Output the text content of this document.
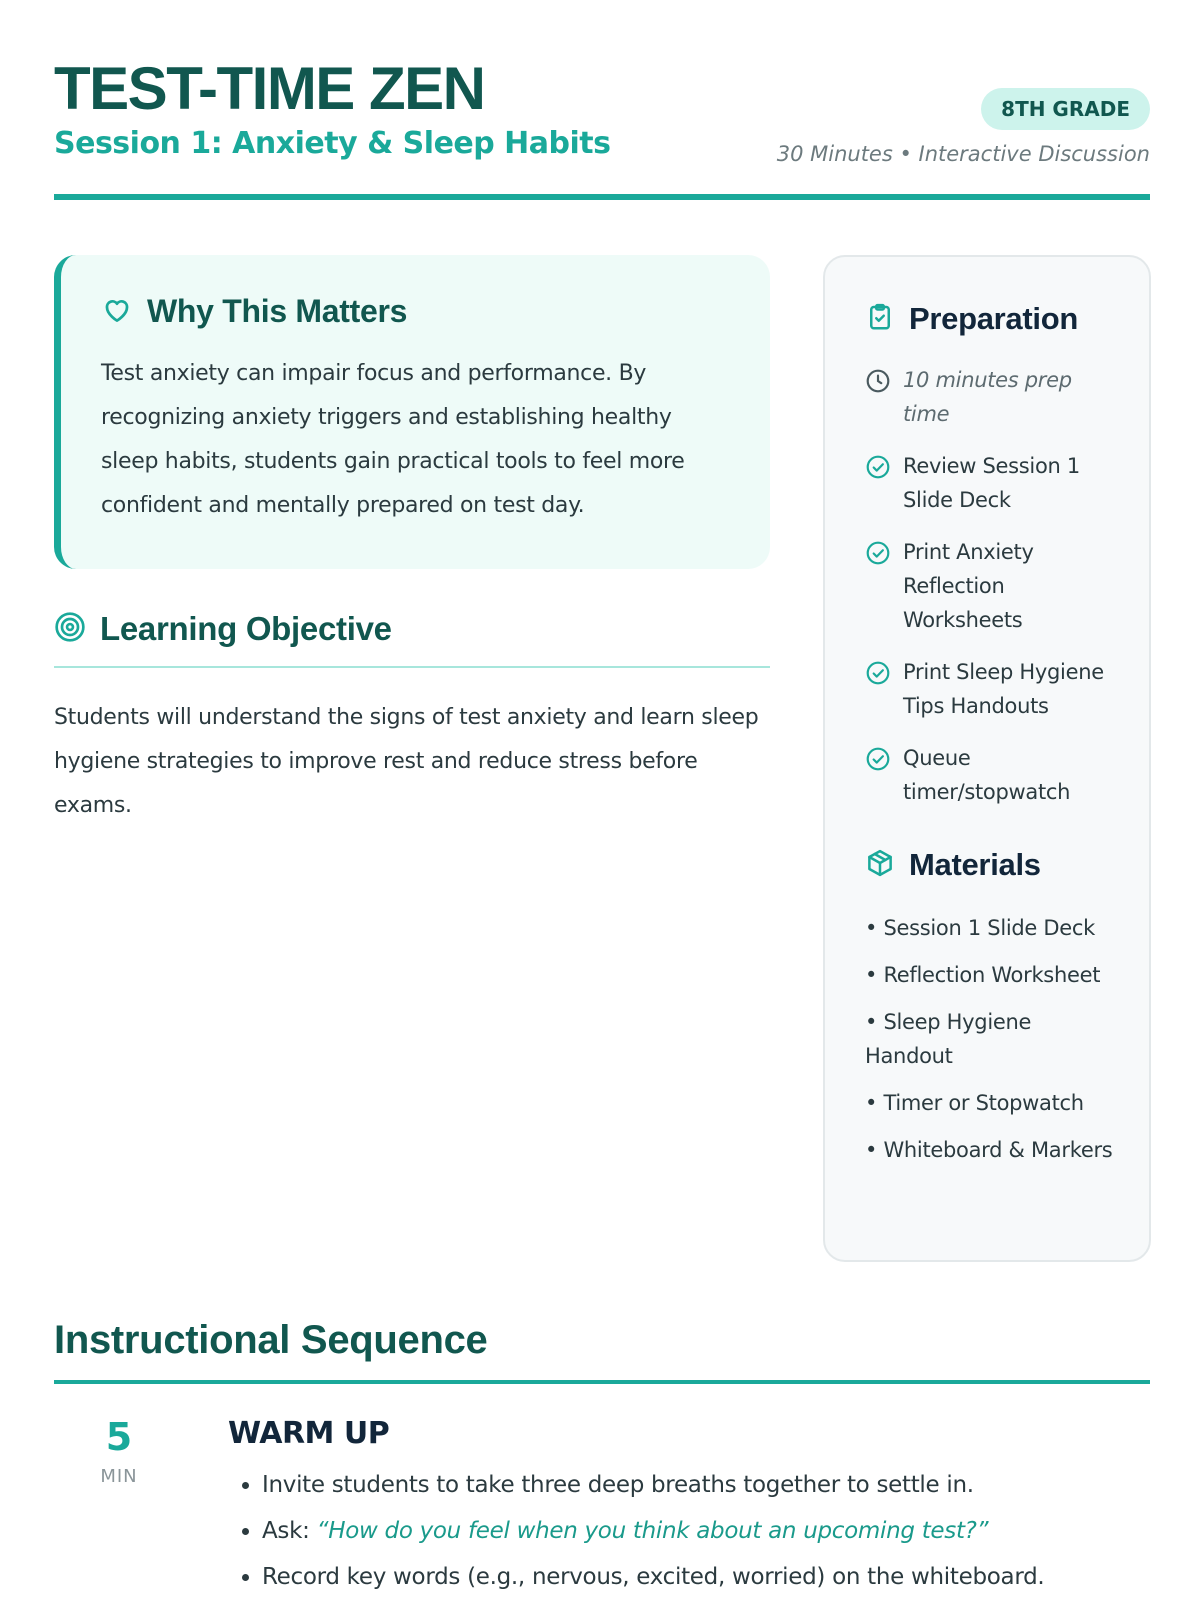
TEST-TIME ZEN
Session 1: Anxiety & Sleep Habits
8TH GRADE
30 Minutes • Interactive Discussion
Why This Matters

Test anxiety can impair focus and performance. By recognizing anxiety triggers and establishing healthy sleep habits, students gain practical tools to feel more confident and mentally prepared on test day.

Learning Objective

Students will understand the signs of test anxiety and learn sleep hygiene strategies to improve rest and reduce stress before exams.

Preparation
10 minutes prep time
Review Session 1 Slide Deck
Print Anxiety Reflection Worksheets
Print Sleep Hygiene Tips Handouts
Queue timer/stopwatch
Materials
• Session 1 Slide Deck
• Reflection Worksheet
• Sleep Hygiene Handout
• Timer or Stopwatch
• Whiteboard & Markers
Instructional Sequence
5
MIN
WARM UP
• Invite students to take three deep breaths together to settle in.
• Ask: “How do you feel when you think about an upcoming test?”
• Record key words (e.g., nervous, excited, worried) on the whiteboard.
